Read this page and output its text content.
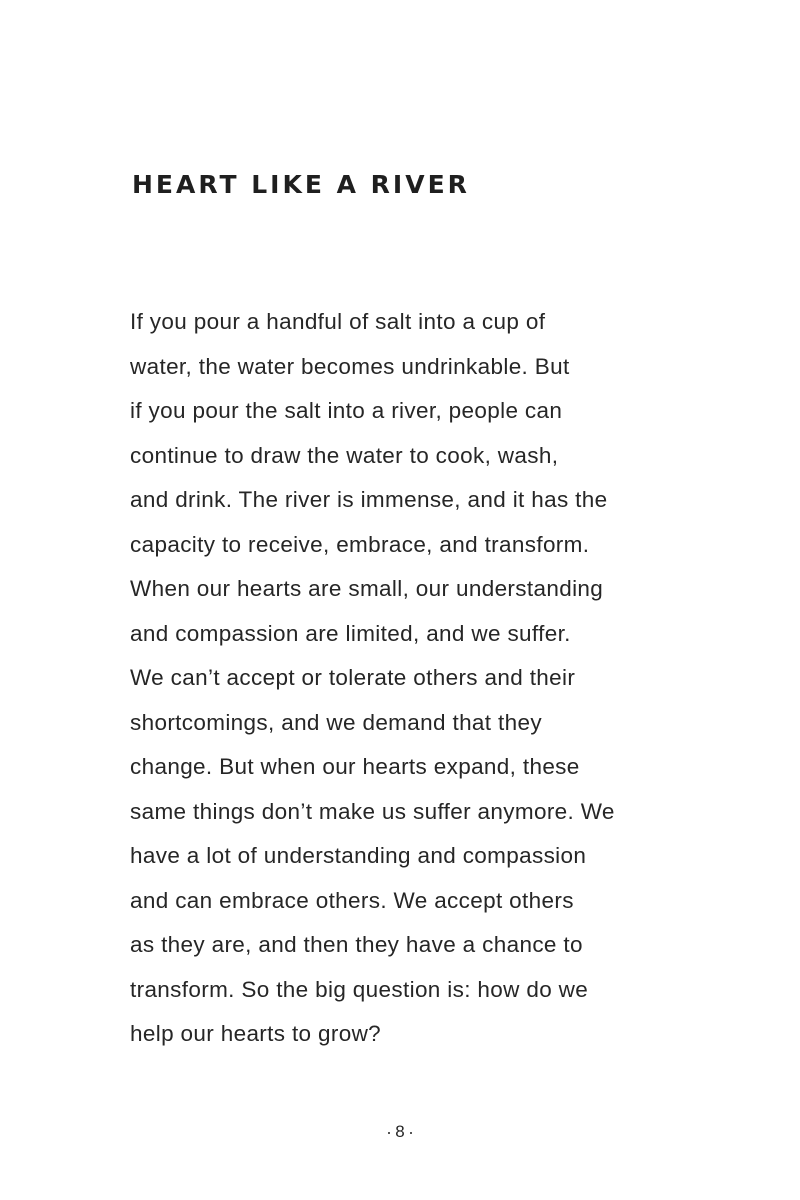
HEART LIKE A RIVER
If you pour a handful of salt into a cup of
water, the water becomes undrinkable. But
if you pour the salt into a river, people can
continue to draw the water to cook, wash,
and drink. The river is immense, and it has the
capacity to receive, embrace, and transform.
When our hearts are small, our understanding
and compassion are limited, and we suffer.
We can’t accept or tolerate others and their
shortcomings, and we demand that they
change. But when our hearts expand, these
same things don’t make us suffer anymore. We
have a lot of understanding and compassion
and can embrace others. We accept others
as they are, and then they have a chance to
transform. So the big question is: how do we
help our hearts to grow?
8
